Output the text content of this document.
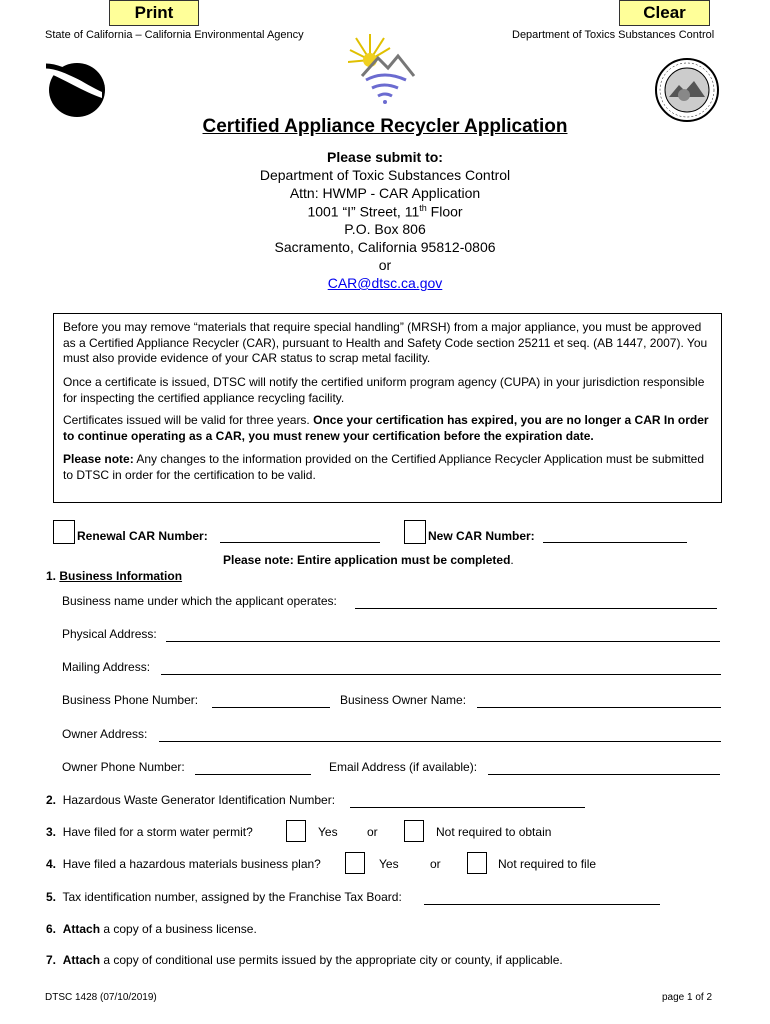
Print	Clear
State of California – California Environmental Agency	Department of Toxics Substances Control
Certified Appliance Recycler Application
Please submit to:
Department of Toxic Substances Control
Attn: HWMP - CAR Application
1001 “I” Street, 11th Floor
P.O. Box 806
Sacramento, California 95812-0806
or
CAR@dtsc.ca.gov
Before you may remove “materials that require special handling” (MRSH) from a major appliance, you must be approved as a Certified Appliance Recycler (CAR), pursuant to Health and Safety Code section 25211 et seq. (AB 1447, 2007). You must also provide evidence of your CAR status to scrap metal facility.
Once a certificate is issued, DTSC will notify the certified uniform program agency (CUPA) in your jurisdiction responsible for inspecting the certified appliance recycling facility.
Certificates issued will be valid for three years. Once your certification has expired, you are no longer a CAR In order to continue operating as a CAR, you must renew your certification before the expiration date.
Please note: Any changes to the information provided on the Certified Appliance Recycler Application must be submitted to DTSC in order for the certification to be valid.
Renewal CAR Number:	New CAR Number:
Please note: Entire application must be completed.
1. Business Information
Business name under which the applicant operates:
Physical Address:
Mailing Address:
Business Phone Number:	Business Owner Name:
Owner Address:
Owner Phone Number:	Email Address (if available):
2. Hazardous Waste Generator Identification Number:
3. Have filed for a storm water permit?	Yes or	Not required to obtain
4. Have filed a hazardous materials business plan?	Yes	or	Not required to file
5. Tax identification number, assigned by the Franchise Tax Board:
6. Attach a copy of a business license.
7. Attach a copy of conditional use permits issued by the appropriate city or county, if applicable.
DTSC 1428 (07/10/2019)	page 1 of 2
